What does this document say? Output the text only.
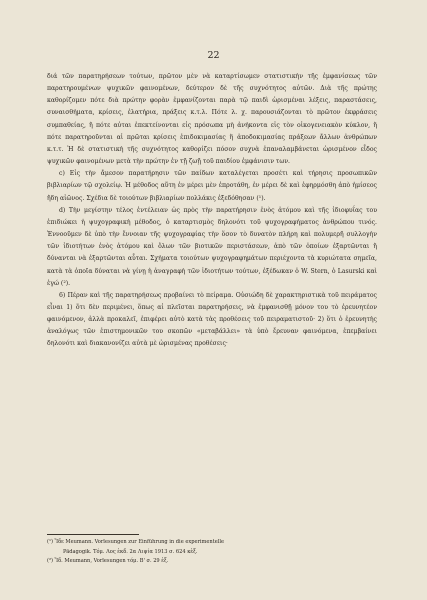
22

διά τῶν παρατηρήσεων τούτων, πρῶτον μὲν νὰ καταρτίσωμεν στατιστικὴν τῆς ἐμφανίσεως τῶν παρατηρουμένων ψυχικῶν φαινομένων, δεύτερον δὲ τῆς συχνότητος αὐτῶν. Διὰ τῆς πρώτης καθορίζομεν πότε διὰ πρώτην φορὰν ἐμφανίζονται παρὰ τῷ παιδὶ ὡρισμέναι λέξεις, παραστάσεις, συναισθήματα, κρίσεις, ἐλατήρια, πράξεις κ.τ.λ. Πότε λ. χ. παρουσιάζονται τὸ πρῶτον ἐκφράσεις συμπαθείας, ἢ πότε αὐται ἐπεκτείνονται εἰς πρόσωπα μὴ ἀνήκοντα εἰς τὸν οἰκογενειακὸν κύκλον, ἢ πότε παρατηροῦνται αἱ πρῶται κρίσεις ἐπιδοκιμασίας ἢ ἀποδοκιμασίας πράξεων ἄλλων ἀνθρώπων κ.τ.τ. Ἡ δὲ στατιστικὴ τῆς συχνότητος καθορίζει πόσον συχνὰ ἐπαναλαμβάνεται ὡρισμένον εἶδος ψυχικῶν φαινομένων μετὰ τὴν πρώτην ἐν τῇ ζωῇ τοῦ παιδίου ἐμφάνισιν των.

c) Εἰς τὴν ἄμεσον παρατήρησιν τῶν παίδων καταλέγεται προσέτι καὶ τήρησις προσωπικῶν βιβλιαρίων τῷ σχολείῳ. Ἡ μέθοδος αὕτη ἐν μέρει μὲν ἐπροτάθη, ἐν μέρει δὲ καὶ ἐφηρμόσθη ἀπὸ ἡμίσεος ἤδη αἰῶνος. Σχέδια δὲ τοιούτων βιβλιαρίων πολλάκις ἐξεδόθησαν (¹).

d) Τὴν μεγίστην τέλος ἐντέλειαν ὡς πρὸς τὴν παρατήρησιν ἑνὸς ἀτόμου καὶ τῆς ἰδιοφυΐας του ἐπιδιώκει ἡ ψυχογραφικὴ μέθοδος, ὁ καταρτισμὸς δηλονότι τοῦ ψυχογραφήματος ἀνθρώπου τινός. Ἐννοοῦμεν δὲ ὑπὸ τὴν ἔννοιαν τῆς ψυχογραφίας τὴν ὅσον τὸ δυνατὸν πλήρη καὶ πολυμερῆ συλλογὴν τῶν ἰδιοτήτων ἑνὸς ἀτόμου καὶ ὅλων τῶν βιοτικῶν περιστάσεων, ἀπὸ τῶν ὁποίων ἐξαρτῶνται ἢ δύνανται νὰ ἐξαρτῶνται αὗται. Σχήματα τοιούτων ψυχογραφημάτων περιέχοντα τὰ κυριώτατα σημεῖα, κατὰ τὰ ὁποῖα δύναται νὰ γίνῃ ἡ ἀναγραφὴ τῶν ἰδιοτήτων τούτων, ἐξέδωκαν ὁ W. Stern, ὁ Lasurski καὶ ἐγώ (²).

6) Πέραν καὶ τῆς παρατηρήσεως προβαίνει τὸ πείραμα. Οὐσιώδη δὲ χαρακτηριστικὰ τοῦ πειράματος εἶναι 1) ὅτι δὲν περιμένει, ὅπως αἱ πλεῖσται παρατηρήσεις, νὰ ἐμφανισθῇ μόνον του τὸ ἐρευνητέον φαινόμενον, ἀλλὰ προκαλεῖ, ἐπιφέρει αὐτὸ κατὰ τὰς προθέσεις τοῦ πειραματιστοῦ· 2) ὅτι ὁ ἐρευνητὴς ἀναλόγως τῶν ἐπιστημονικῶν του σκοπῶν «μεταβάλλει» τὰ ὑπὸ ἔρευναν φαινόμενα, ἐπεμβαίνει δηλονότι καὶ διακανονίζει αὐτὰ μὲ ὡρισμένας προθέσεις·

(¹) Ἴδε Meumann. Vorlesungen zur Einführung in die experimentelle

Pädagogik. Τόμ. Λος ἐκδ. 2α Λιψία 1913 σ. 624 κἑξ.

(²) Ἴδ. Meumann, Vorlesungen τόμ. Β' σ. 29 ἑξ.
